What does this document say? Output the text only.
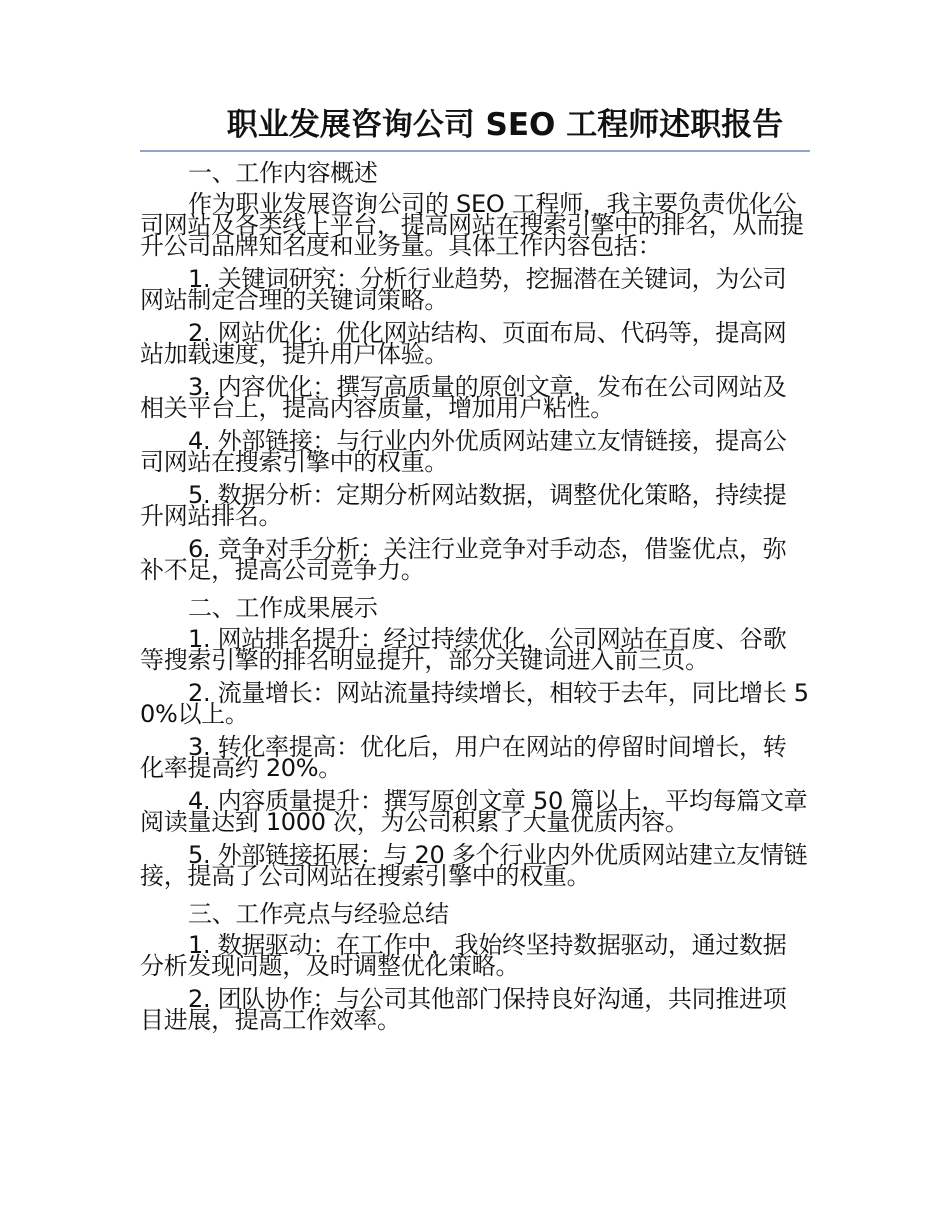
职业发展咨询公司 SEO 工程师述职报告
一、工作内容概述

作为职业发展咨询公司的 SEO 工程师，我主要负责优化公司网站及各类线上平台，提高网站在搜索引擎中的排名，从而提升公司品牌知名度和业务量。具体工作内容包括：

1. 关键词研究：分析行业趋势，挖掘潜在关键词，为公司网站制定合理的关键词策略。

2. 网站优化：优化网站结构、页面布局、代码等，提高网站加载速度，提升用户体验。

3. 内容优化：撰写高质量的原创文章，发布在公司网站及相关平台上，提高内容质量，增加用户粘性。

4. 外部链接：与行业内外优质网站建立友情链接，提高公司网站在搜索引擎中的权重。

5. 数据分析：定期分析网站数据，调整优化策略，持续提升网站排名。

6. 竞争对手分析：关注行业竞争对手动态，借鉴优点，弥补不足，提高公司竞争力。

二、工作成果展示

1. 网站排名提升：经过持续优化，公司网站在百度、谷歌等搜索引擎的排名明显提升，部分关键词进入前三页。

2. 流量增长：网站流量持续增长，相较于去年，同比增长 50%以上。

3. 转化率提高：优化后，用户在网站的停留时间增长，转化率提高约 20%。

4. 内容质量提升：撰写原创文章 50 篇以上，平均每篇文章阅读量达到 1000 次，为公司积累了大量优质内容。

5. 外部链接拓展：与 20 多个行业内外优质网站建立友情链接，提高了公司网站在搜索引擎中的权重。

三、工作亮点与经验总结

1. 数据驱动：在工作中，我始终坚持数据驱动，通过数据分析发现问题，及时调整优化策略。

2. 团队协作：与公司其他部门保持良好沟通，共同推进项目进展，提高工作效率。
